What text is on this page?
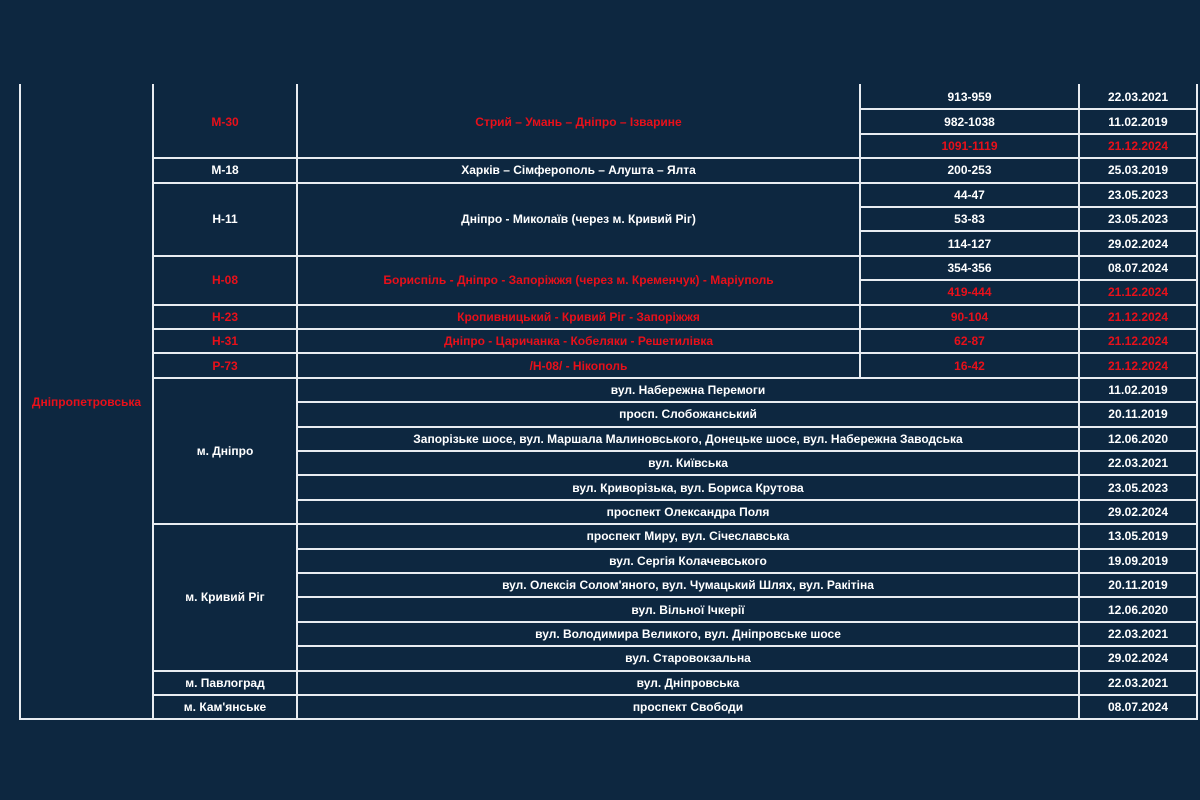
Дніпропетровська
М-30	Стрий – Умань – Дніпро – Ізварине
913-959	22.03.2021
982-1038	11.02.2019
1091-1119	21.12.2024
М-18	Харків – Сімферополь – Алушта – Ялта	200-253	25.03.2019
Н-11	Дніпро - Миколаїв (через м. Кривий Ріг)
44-47	23.05.2023
53-83	23.05.2023
114-127	29.02.2024
Н-08	Бориспіль - Дніпро - Запоріжжя (через м. Кременчук) - Маріуполь
354-356	08.07.2024
419-444	21.12.2024
Н-23	Кропивницький - Кривий Ріг - Запоріжжя	90-104	21.12.2024
Н-31	Дніпро - Царичанка - Кобеляки - Решетилівка	62-87	21.12.2024
Р-73	/Н-08/ - Нікополь	16-42	21.12.2024
м. Дніпро
вул. Набережна Перемоги	11.02.2019
просп. Слобожанський	20.11.2019
Запорізьке шосе, вул. Маршала Малиновського, Донецьке шосе, вул. Набережна Заводська	12.06.2020
вул. Київська	22.03.2021
вул. Криворізька, вул. Бориса Крутова	23.05.2023
проспект Олександра Поля	29.02.2024
м. Кривий Ріг
проспект Миру, вул. Січеславська	13.05.2019
вул. Сергія Колачевського	19.09.2019
вул. Олексія Солом'яного, вул. Чумацький Шлях, вул. Ракітіна	20.11.2019
вул. Вільної Ічкерії	12.06.2020
вул. Володимира Великого, вул. Дніпровське шосе	22.03.2021
вул. Старовокзальна	29.02.2024
м. Павлоград	вул. Дніпровська	22.03.2021
м. Кам'янське	проспект Свободи	08.07.2024
